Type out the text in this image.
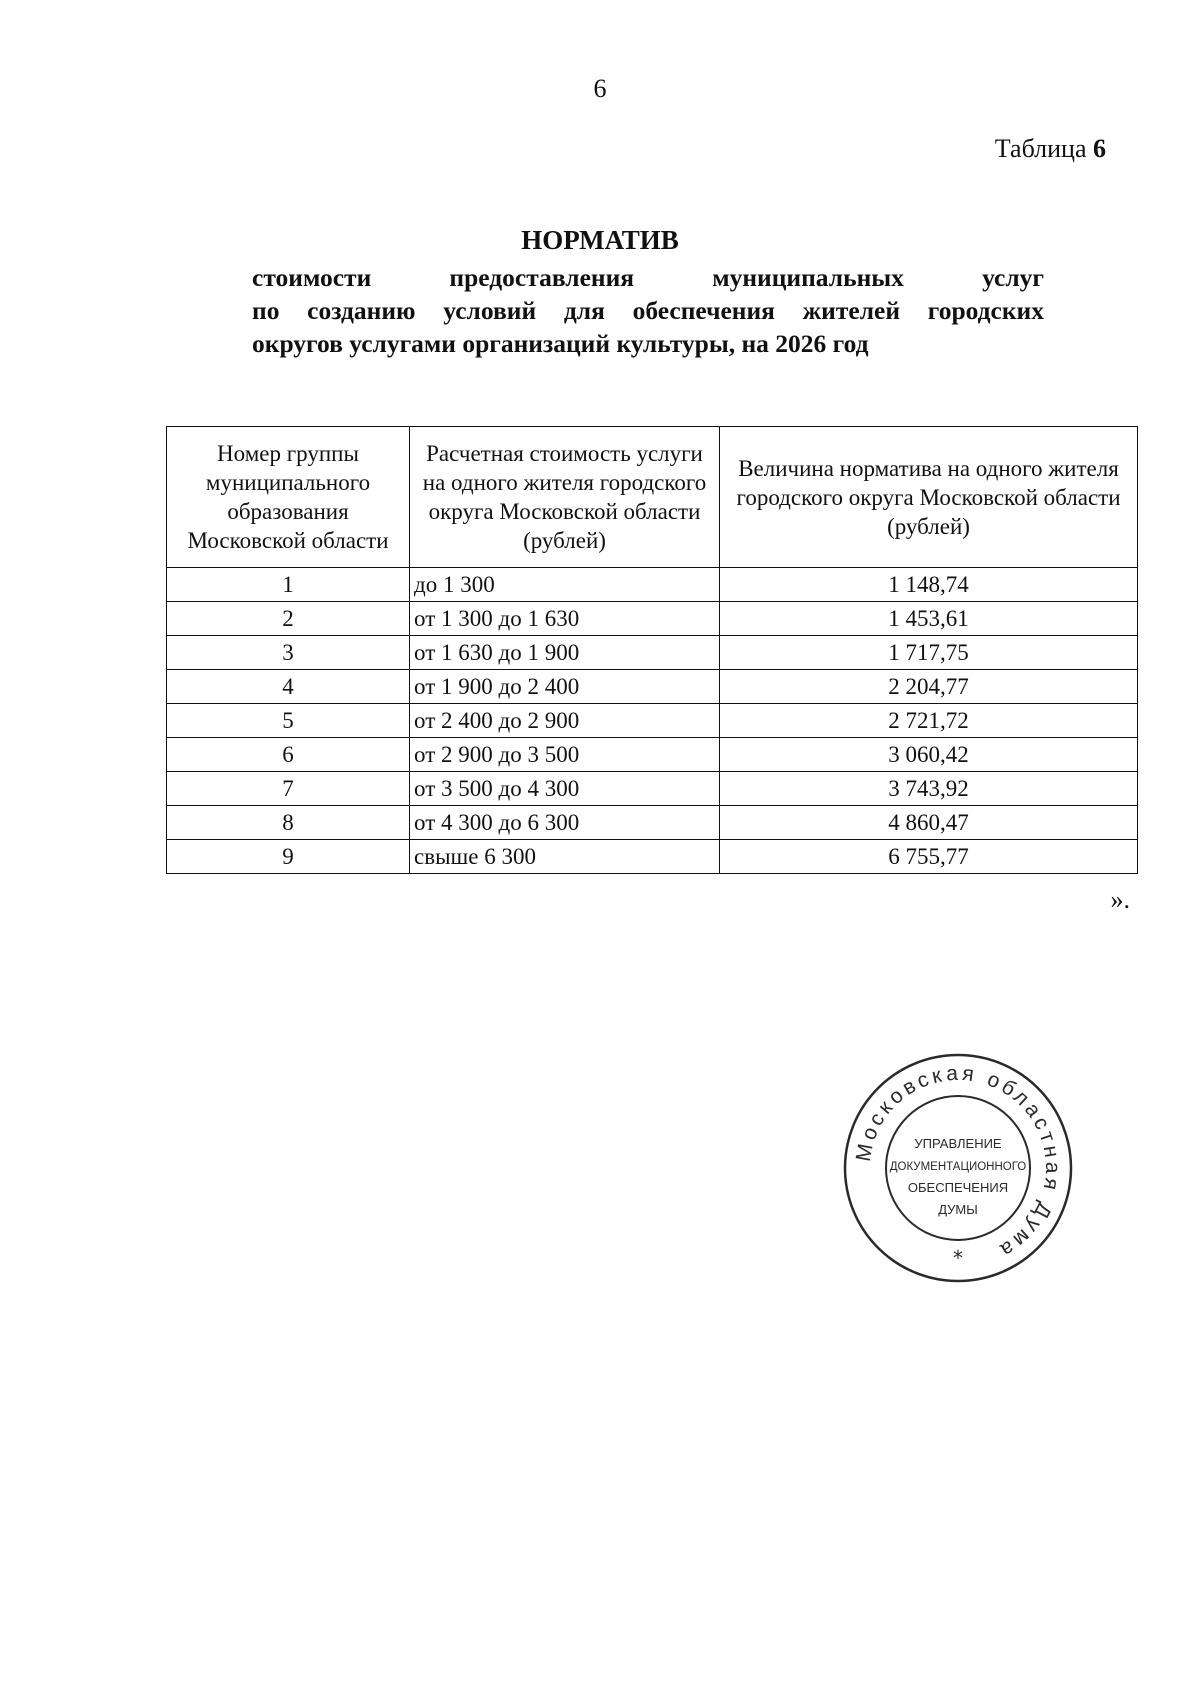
6
Таблица 6
НОРМАТИВ
стоимости предоставления муниципальных услуг
по созданию условий для обеспечения жителей городских
округов услугами организаций культуры, на 2026 год
Номер группы муниципального образования Московской области	Расчетная стоимость услуги на одного жителя городского округа Московской области (рублей)	Величина норматива на одного жителя городского округа Московской области (рублей)
1	до 1 300	1 148,74
2	от 1 300 до 1 630	1 453,61
3	от 1 630 до 1 900	1 717,75
4	от 1 900 до 2 400	2 204,77
5	от 2 400 до 2 900	2 721,72
6	от 2 900 до 3 500	3 060,42
7	от 3 500 до 4 300	3 743,92
8	от 4 300 до 6 300	4 860,47
9	свыше 6 300	6 755,77
».
Московская областная Дума
*
УПРАВЛЕНИЕ
ДОКУМЕНТАЦИОННОГО
ОБЕСПЕЧЕНИЯ
ДУМЫ
